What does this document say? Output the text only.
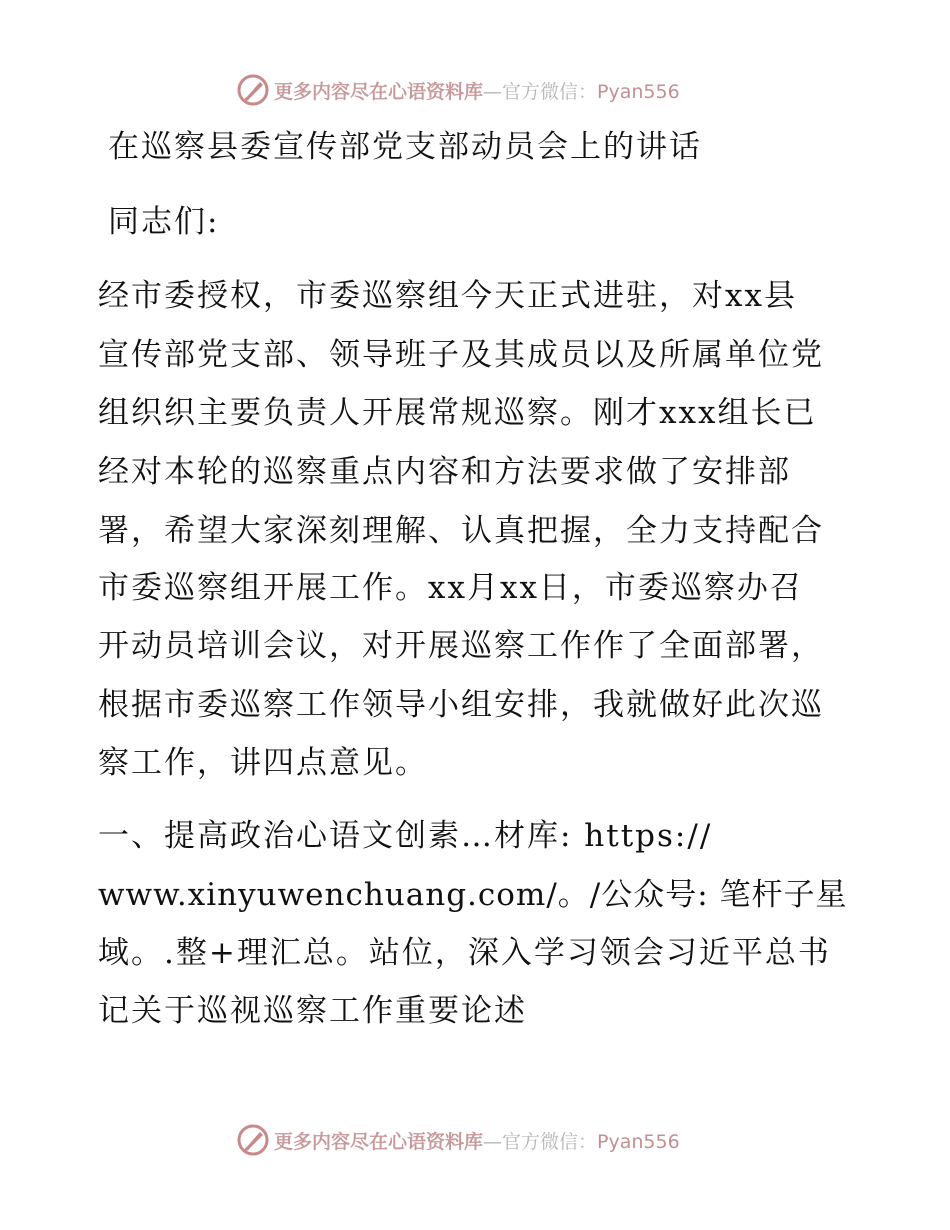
更多内容尽在心语资料库—官方微信：Pyan556
在巡察县委宣传部党支部动员会上的讲话
同志们:
经市委授权，市委巡察组今天正式进驻，对xx县
宣传部党支部、领导班子及其成员以及所属单位党
组织织主要负责人开展常规巡察。刚才xxx组长已
经对本轮的巡察重点内容和方法要求做了安排部
署，希望大家深刻理解、认真把握，全力支持配合
市委巡察组开展工作。xx月xx日，市委巡察办召
开动员培训会议，对开展巡察工作作了全面部署，
根据市委巡察工作领导小组安排，我就做好此次巡
察工作，讲四点意见。
一、提高政治心语文创素…材库: https://
www.xinyuwenchuang.com/。/公众号: 笔杆子星
域。.整+理汇总。站位，深入学习领会习近平总书
记关于巡视巡察工作重要论述
更多内容尽在心语资料库—官方微信：Pyan556
